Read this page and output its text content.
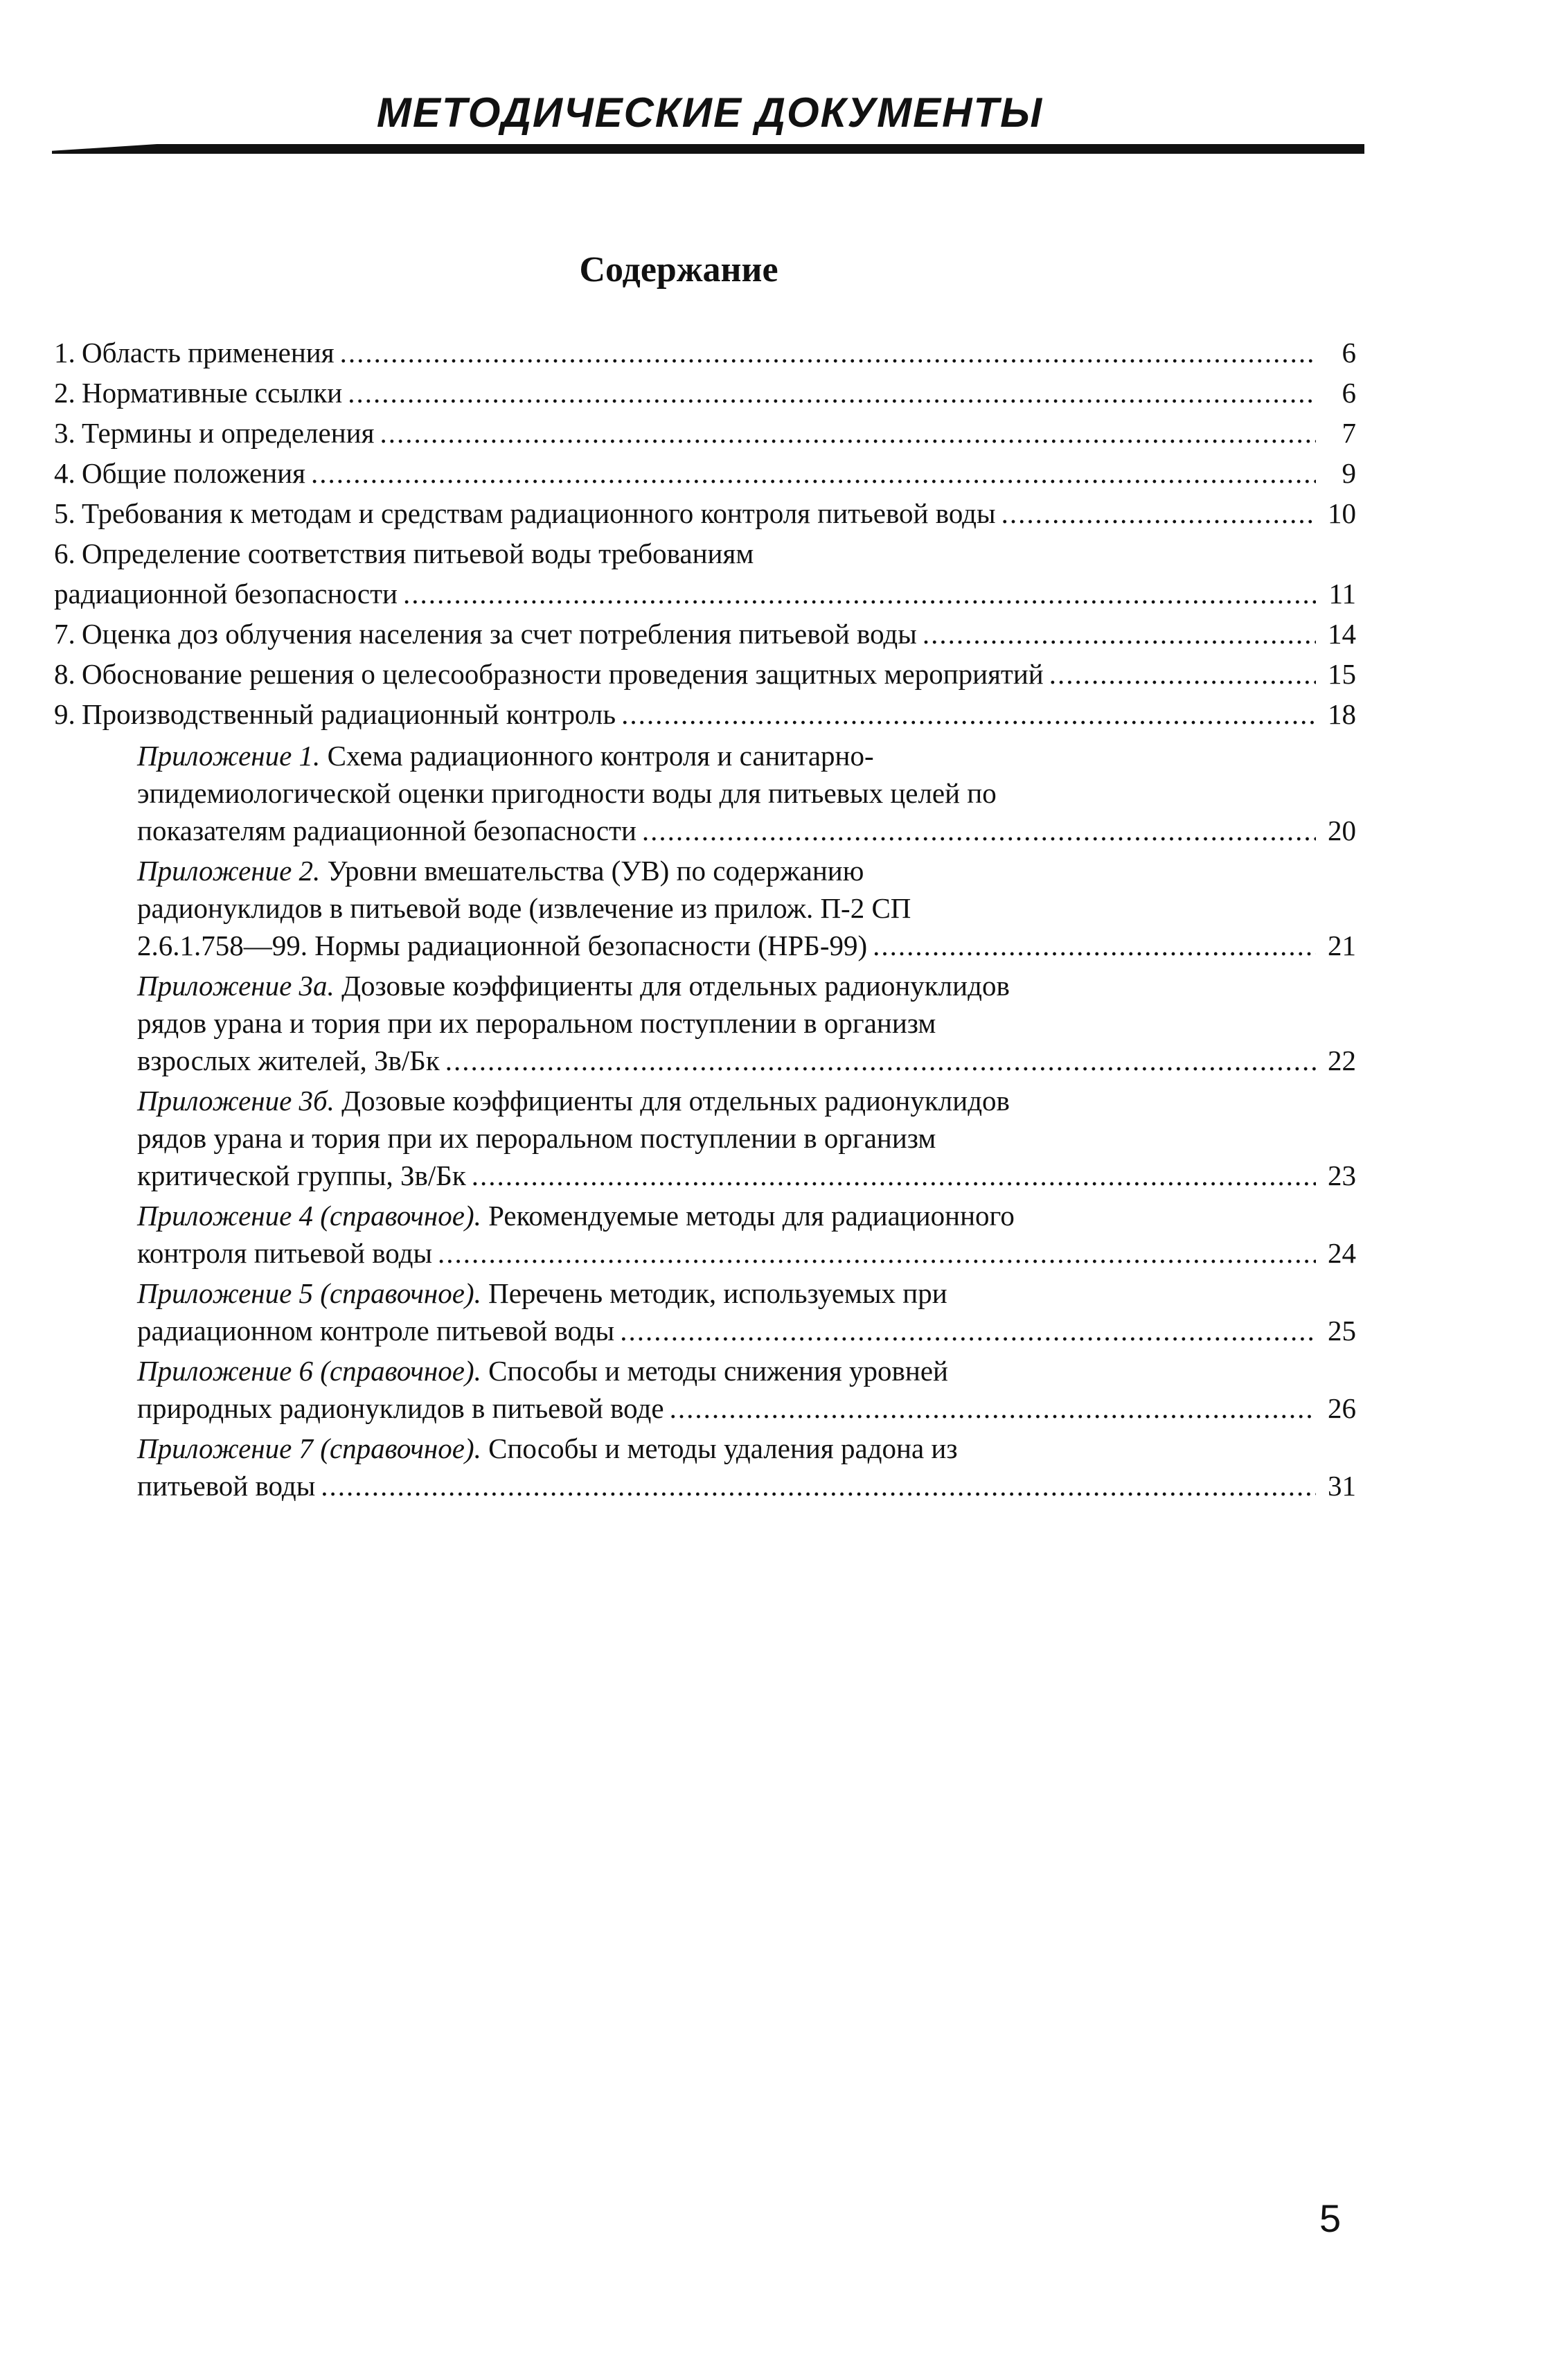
МЕТОДИЧЕСКИЕ ДОКУМЕНТЫ
Содержание
1. Область применения .....	6
2. Нормативные ссылки .....	6
3. Термины и определения .....	7
4. Общие положения .....	9
5. Требования к методам и средствам радиационного контроля питьевой воды .....	10
6. Определение соответствия питьевой воды требованиям
радиационной безопасности .....	11
7. Оценка доз облучения населения за счет потребления питьевой воды .....	14
8. Обоснование решения о целесообразности проведения защитных мероприятий .....	15
9. Производственный радиационный контроль .....	18
Приложение 1. Схема радиационного контроля и санитарно-
эпидемиологической оценки пригодности воды для питьевых целей по
показателям радиационной безопасности .....	20
Приложение 2. Уровни вмешательства (УВ) по содержанию
радионуклидов в питьевой воде (извлечение из прилож. П-2 СП
2.6.1.758—99. Нормы радиационной безопасности (НРБ-99) .....	21
Приложение 3а. Дозовые коэффициенты для отдельных радионуклидов
рядов урана и тория при их пероральном поступлении в организм
взрослых жителей, Зв/Бк .....	22
Приложение 3б. Дозовые коэффициенты для отдельных радионуклидов
рядов урана и тория при их пероральном поступлении в организм
критической группы, Зв/Бк .....	23
Приложение 4 (справочное). Рекомендуемые методы для радиационного
контроля питьевой воды .....	24
Приложение 5 (справочное). Перечень методик, используемых при
радиационном контроле питьевой воды .....	25
Приложение 6 (справочное). Способы и методы снижения уровней
природных радионуклидов в питьевой воде .....	26
Приложение 7 (справочное). Способы и методы удаления радона из
питьевой воды .....	31
5
